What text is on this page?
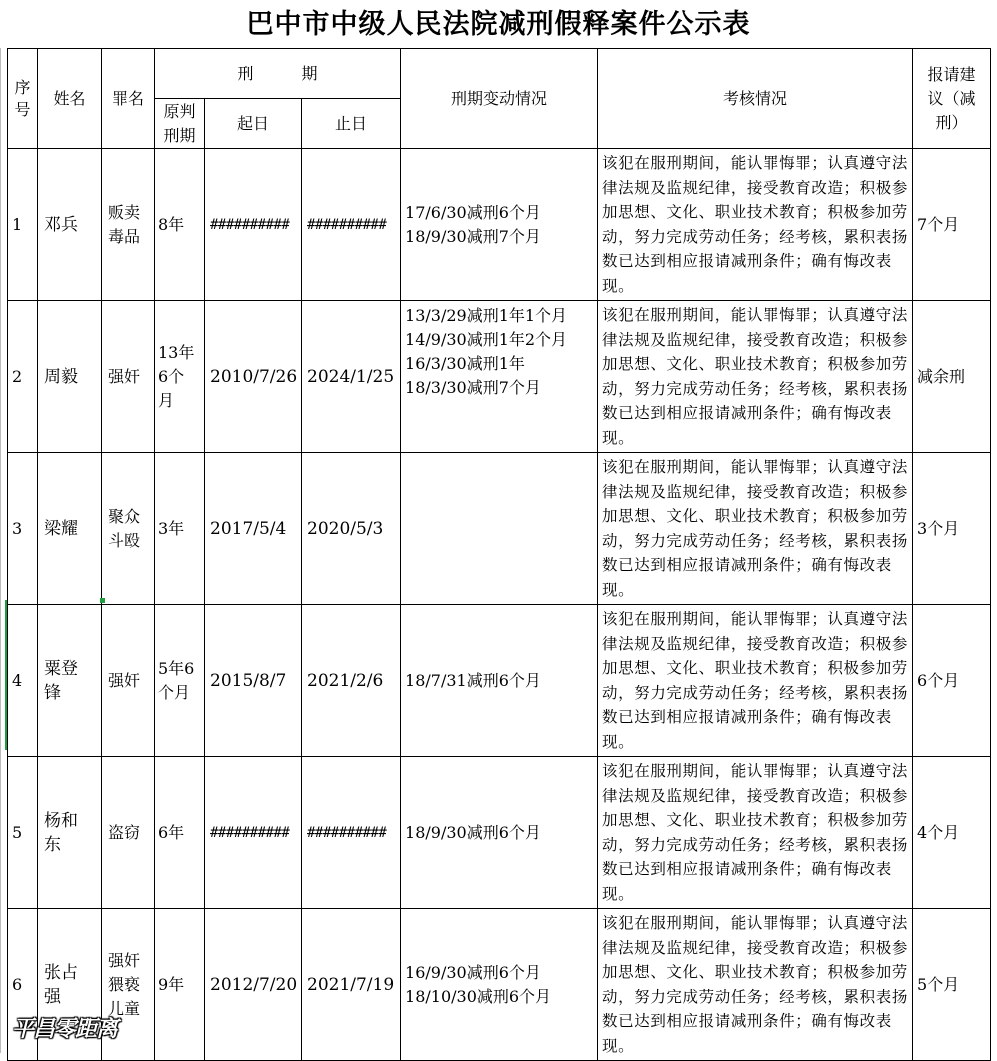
巴中市中级人民法院减刑假释案件公示表
序号	姓名	罪名	刑　　　期			刑期变动情况	考核情况	报请建议（减刑）
			原判刑期	起日	止日			
1	邓兵	贩卖毒品	8年	##########	##########	17/6/30减刑6个月
18/9/30减刑7个月	该犯在服刑期间，能认罪悔罪；认真遵守法律法规及监规纪律，接受教育改造；积极参加思想、文化、职业技术教育；积极参加劳动，努力完成劳动任务；经考核，累积表扬数已达到相应报请减刑条件；确有悔改表现。	7个月
2	周毅	强奸	13年6个月	2010/7/26	2024/1/25	13/3/29减刑1年1个月
14/9/30减刑1年2个月
16/3/30减刑1年
18/3/30减刑7个月	该犯在服刑期间，能认罪悔罪；认真遵守法律法规及监规纪律，接受教育改造；积极参加思想、文化、职业技术教育；积极参加劳动，努力完成劳动任务；经考核，累积表扬数已达到相应报请减刑条件；确有悔改表现。	减余刑
3	梁耀	聚众斗殴	3年	2017/5/4	2020/5/3		该犯在服刑期间，能认罪悔罪；认真遵守法律法规及监规纪律，接受教育改造；积极参加思想、文化、职业技术教育；积极参加劳动，努力完成劳动任务；经考核，累积表扬数已达到相应报请减刑条件；确有悔改表现。	3个月
4	粟登锋	强奸	5年6个月	2015/8/7	2021/2/6	18/7/31减刑6个月	该犯在服刑期间，能认罪悔罪；认真遵守法律法规及监规纪律，接受教育改造；积极参加思想、文化、职业技术教育；积极参加劳动，努力完成劳动任务；经考核，累积表扬数已达到相应报请减刑条件；确有悔改表现。	6个月
5	杨和东	盗窃	6年	##########	##########	18/9/30减刑6个月	该犯在服刑期间，能认罪悔罪；认真遵守法律法规及监规纪律，接受教育改造；积极参加思想、文化、职业技术教育；积极参加劳动，努力完成劳动任务；经考核，累积表扬数已达到相应报请减刑条件；确有悔改表现。	4个月
6	张占强	强奸猥亵儿童	9年	2012/7/20	2021/7/19	16/9/30减刑6个月
18/10/30减刑6个月	该犯在服刑期间，能认罪悔罪；认真遵守法律法规及监规纪律，接受教育改造；积极参加思想、文化、职业技术教育；积极参加劳动，努力完成劳动任务；经考核，累积表扬数已达到相应报请减刑条件；确有悔改表现。	5个月
平昌零距离
